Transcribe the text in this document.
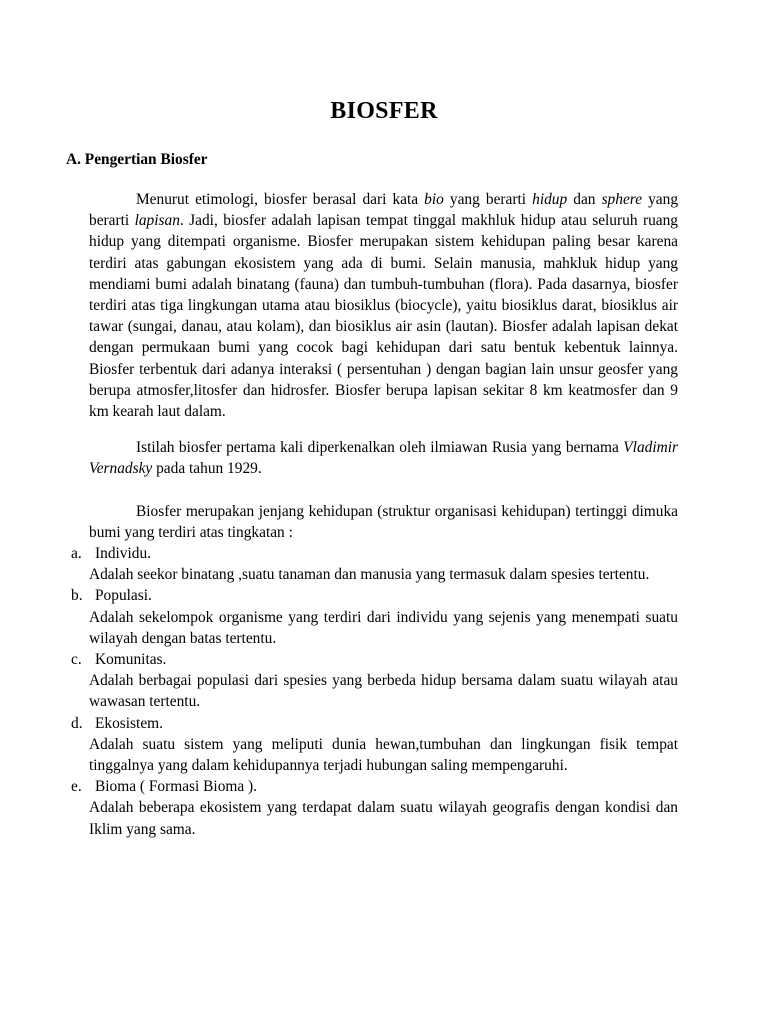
BIOSFER
A. Pengertian Biosfer

Menurut etimologi, biosfer berasal dari kata bio yang berarti hidup dan sphere yang berarti lapisan. Jadi, biosfer adalah lapisan tempat tinggal makhluk hidup atau seluruh ruang hidup yang ditempati organisme. Biosfer merupakan sistem kehidupan paling besar karena terdiri atas gabungan ekosistem yang ada di bumi. Selain manusia, mahkluk hidup yang mendiami bumi adalah binatang (fauna) dan tumbuh-tumbuhan (flora). Pada dasarnya, biosfer terdiri atas tiga lingkungan utama atau biosiklus (biocycle), yaitu biosiklus darat, biosiklus air tawar (sungai, danau, atau kolam), dan biosiklus air asin (lautan). Biosfer adalah lapisan dekat dengan permukaan bumi yang cocok bagi kehidupan dari satu bentuk kebentuk lainnya. Biosfer terbentuk dari adanya interaksi ( persentuhan ) dengan bagian lain unsur geosfer yang berupa atmosfer,litosfer dan hidrosfer. Biosfer berupa lapisan sekitar 8 km keatmosfer dan 9 km kearah laut dalam.

Istilah biosfer pertama kali diperkenalkan oleh ilmiawan Rusia yang bernama Vladimir Vernadsky pada tahun 1929.

Biosfer merupakan jenjang kehidupan (struktur organisasi kehidupan) tertinggi dimuka bumi yang terdiri atas tingkatan :

a. Individu.
Adalah seekor binatang ,suatu tanaman dan manusia yang termasuk dalam spesies tertentu.
b. Populasi.
Adalah sekelompok organisme yang terdiri dari individu yang sejenis yang menempati suatu wilayah dengan batas tertentu.
c. Komunitas.
Adalah berbagai populasi dari spesies yang berbeda hidup bersama dalam suatu wilayah atau wawasan tertentu.
d. Ekosistem.
Adalah suatu sistem yang meliputi dunia hewan,tumbuhan dan lingkungan fisik tempat tinggalnya yang dalam kehidupannya terjadi hubungan saling mempengaruhi.
e. Bioma ( Formasi Bioma ).
Adalah beberapa ekosistem yang terdapat dalam suatu wilayah geografis dengan kondisi dan Iklim yang sama.
